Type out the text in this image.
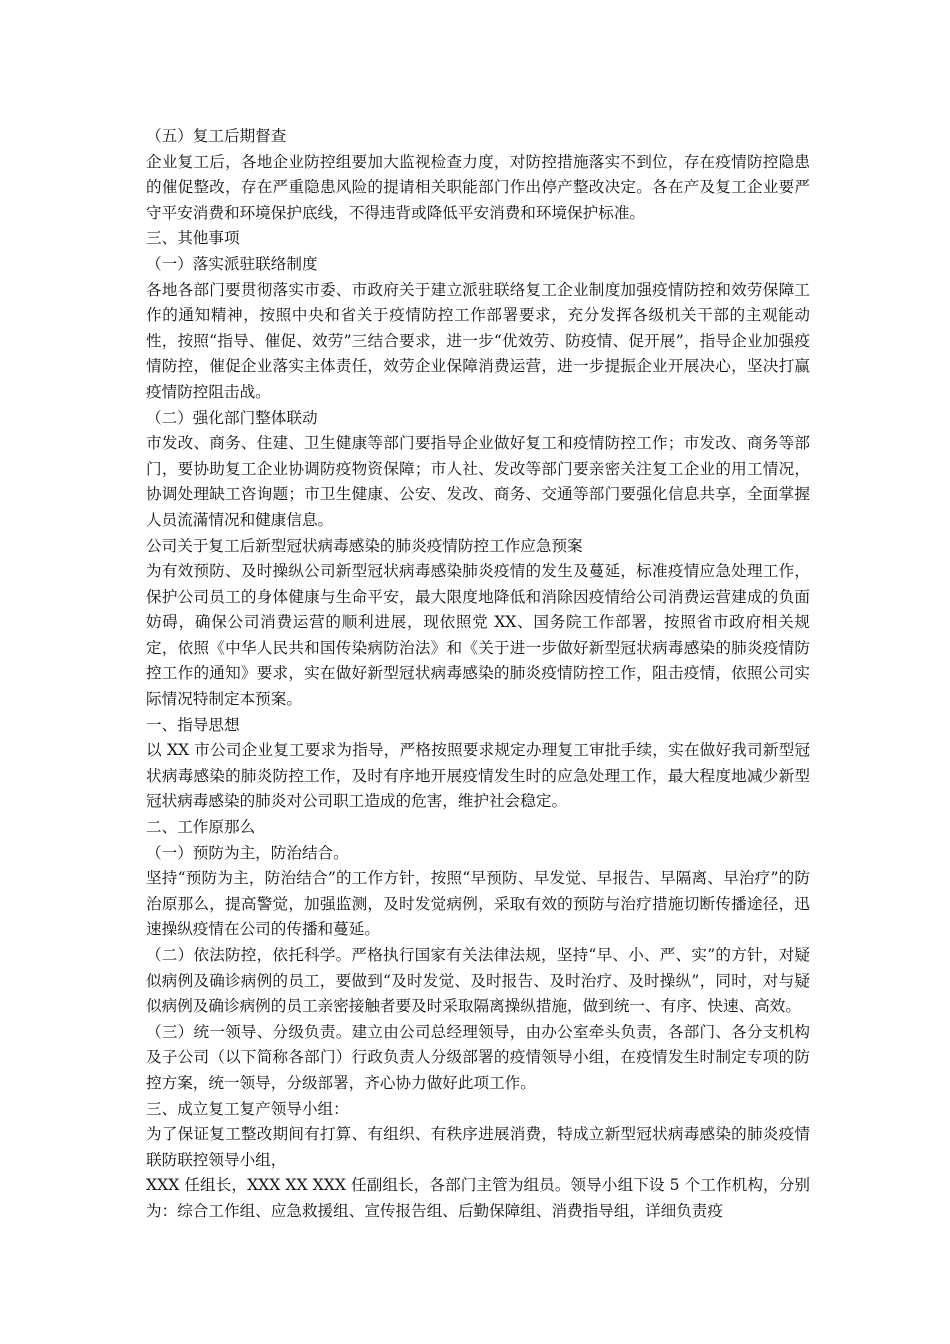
（五）复工后期督查

企业复工后，各地企业防控组要加大监视检查力度，对防控措施落实不到位，存在疫情防控隐患的催促整改，存在严重隐患风险的提请相关职能部门作出停产整改决定。各在产及复工企业要严守平安消费和环境保护底线，不得违背或降低平安消费和环境保护标准。

三、其他事项

（一）落实派驻联络制度

各地各部门要贯彻落实市委、市政府关于建立派驻联络复工企业制度加强疫情防控和效劳保障工作的通知精神，按照中央和省关于疫情防控工作部署要求，充分发挥各级机关干部的主观能动性，按照“指导、催促、效劳”三结合要求，进一步“优效劳、防疫情、促开展”，指导企业加强疫情防控，催促企业落实主体责任，效劳企业保障消费运营，进一步提振企业开展决心，坚决打赢疫情防控阻击战。

（二）强化部门整体联动

市发改、商务、住建、卫生健康等部门要指导企业做好复工和疫情防控工作；市发改、商务等部门，要协助复工企业协调防疫物资保障；市人社、发改等部门要亲密关注复工企业的用工情况，协调处理缺工咨询题；市卫生健康、公安、发改、商务、交通等部门要强化信息共享，全面掌握人员流滿情况和健康信息。

公司关于复工后新型冠状病毒感染的肺炎疫情防控工作应急预案

为有效预防、及时操纵公司新型冠状病毒感染肺炎疫情的发生及蔓延，标准疫情应急处理工作，保护公司员工的身体健康与生命平安，最大限度地降低和消除因疫情给公司消费运营建成的负面妨碍，确保公司消费运营的顺利进展，现依照党 XX、国务院工作部署，按照省市政府相关规定，依照《中华人民共和国传染病防治法》和《关于进一步做好新型冠状病毒感染的肺炎疫情防控工作的通知》要求，实在做好新型冠状病毒感染的肺炎疫情防控工作，阻击疫情，依照公司实际情况特制定本预案。

一、指导思想

以 XX 市公司企业复工要求为指导，严格按照要求规定办理复工审批手续，实在做好我司新型冠状病毒感染的肺炎防控工作，及时有序地开展疫情发生时的应急处理工作，最大程度地减少新型冠状病毒感染的肺炎对公司职工造成的危害，维护社会稳定。

二、工作原那么

（一）预防为主，防治结合。

坚持“预防为主，防治结合”的工作方针，按照“早预防、早发觉、早报告、早隔离、早治疗”的防治原那么，提高警觉，加强监测，及时发觉病例，采取有效的预防与治疗措施切断传播途径，迅速操纵疫情在公司的传播和蔓延。

（二）依法防控，依托科学。严格执行国家有关法律法规，坚持“早、小、严、实”的方针，对疑似病例及确诊病例的员工，要做到“及时发觉、及时报告、及时治疗、及时操纵”，同时，对与疑似病例及确诊病例的员工亲密接触者要及时采取隔离操纵措施，做到统一、有序、快速、高效。

（三）统一领导、分级负责。建立由公司总经理领导，由办公室牵头负责，各部门、各分支机构及子公司（以下简称各部门）行政负责人分级部署的疫情领导小组，在疫情发生时制定专项的防控方案，统一领导，分级部署，齐心协力做好此项工作。

三、成立复工复产领导小组：

为了保证复工整改期间有打算、有组织、有秩序进展消费，特成立新型冠状病毒感染的肺炎疫情联防联控领导小组，

XXX 任组长，XXX XX XXX 任副组长，各部门主管为组员。领导小组下设 5 个工作机构，分别为：综合工作组、应急救援组、宣传报告组、后勤保障组、消费指导组，详细负责疫
